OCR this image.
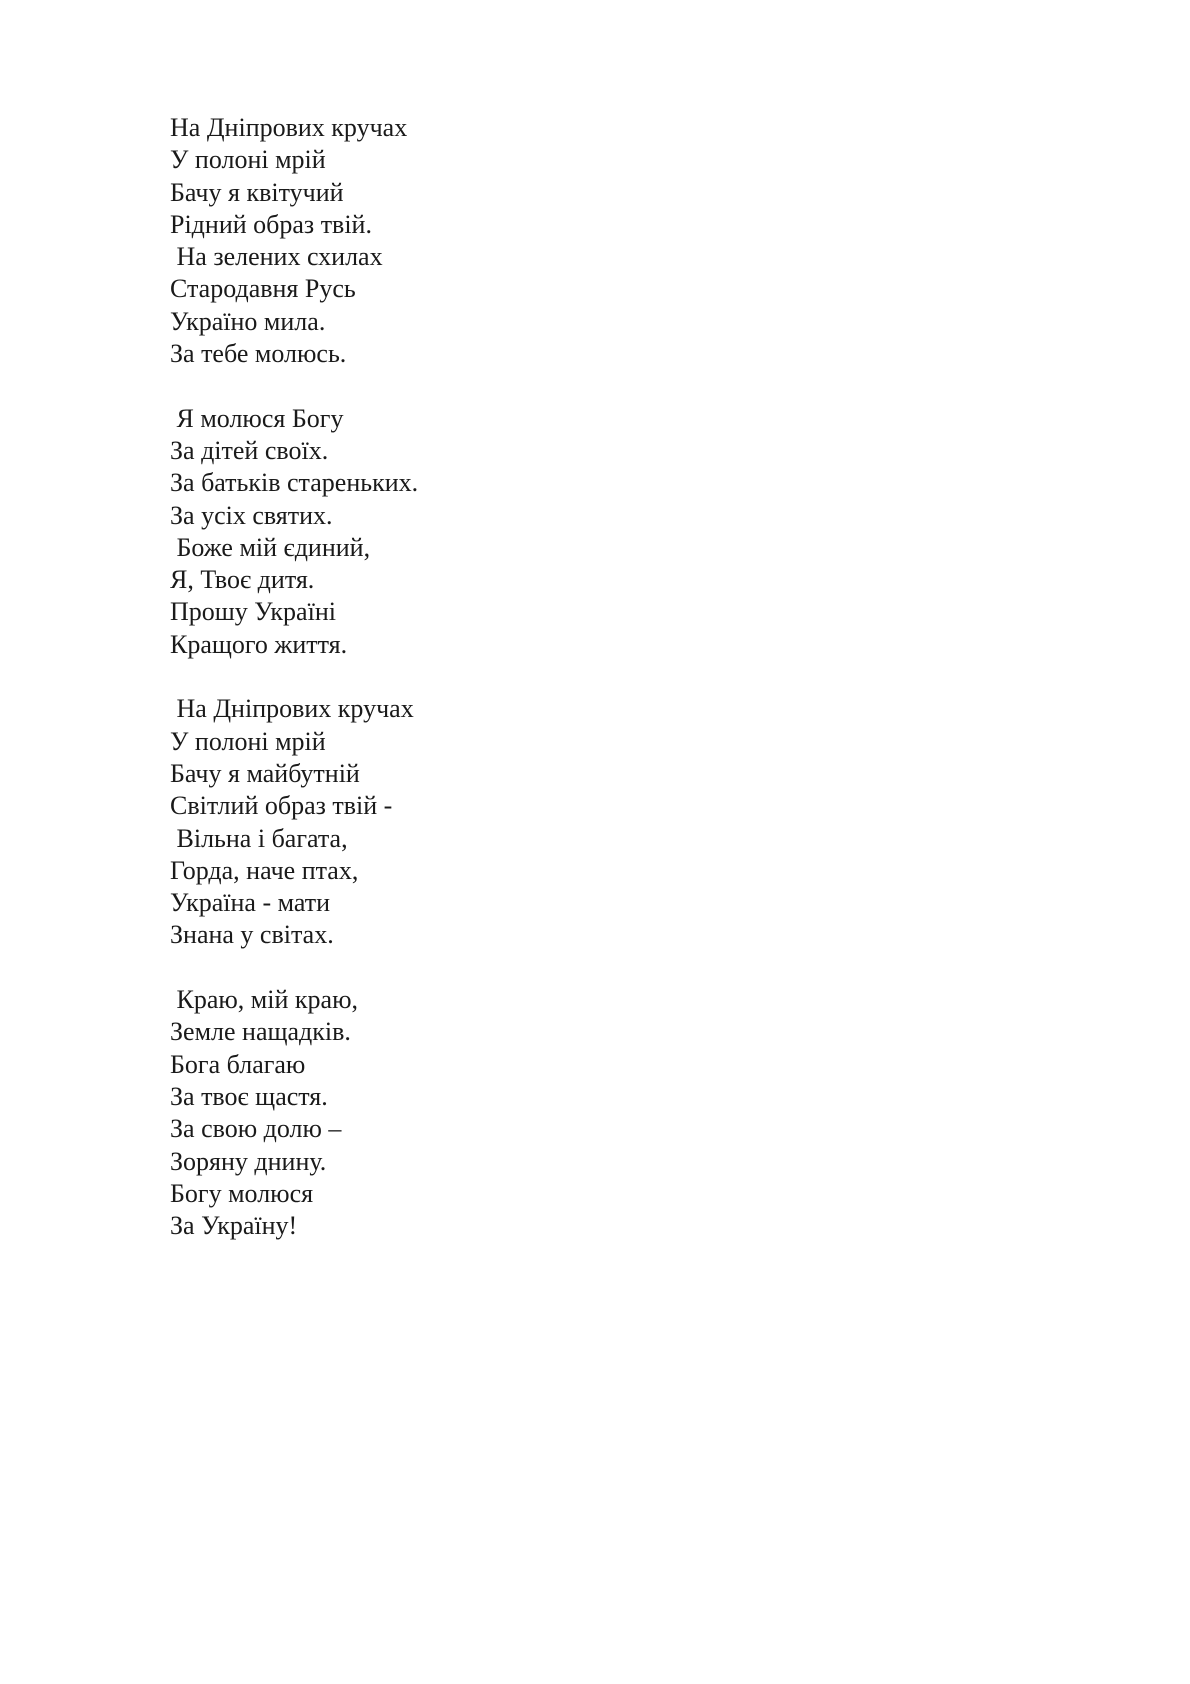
На Дніпрових кручах
У полоні мрій
Бачу я квітучий
Рідний образ твій.
На зелених схилах
Стародавня Русь
Україно мила.
За тебе молюсь.
Я молюся Богу
За дітей своїх.
За батьків стареньких.
За усіх святих.
Боже мій єдиний,
Я, Твоє дитя.
Прошу Україні
Кращого життя.
На Дніпрових кручах
У полоні мрій
Бачу я майбутній
Світлий образ твій -
Вільна і багата,
Горда, наче птах,
Україна - мати
Знана у світах.
Краю, мій краю,
Земле нащадків.
Бога благаю
За твоє щастя.
За свою долю –
Зоряну днину.
Богу молюся
За Україну!
